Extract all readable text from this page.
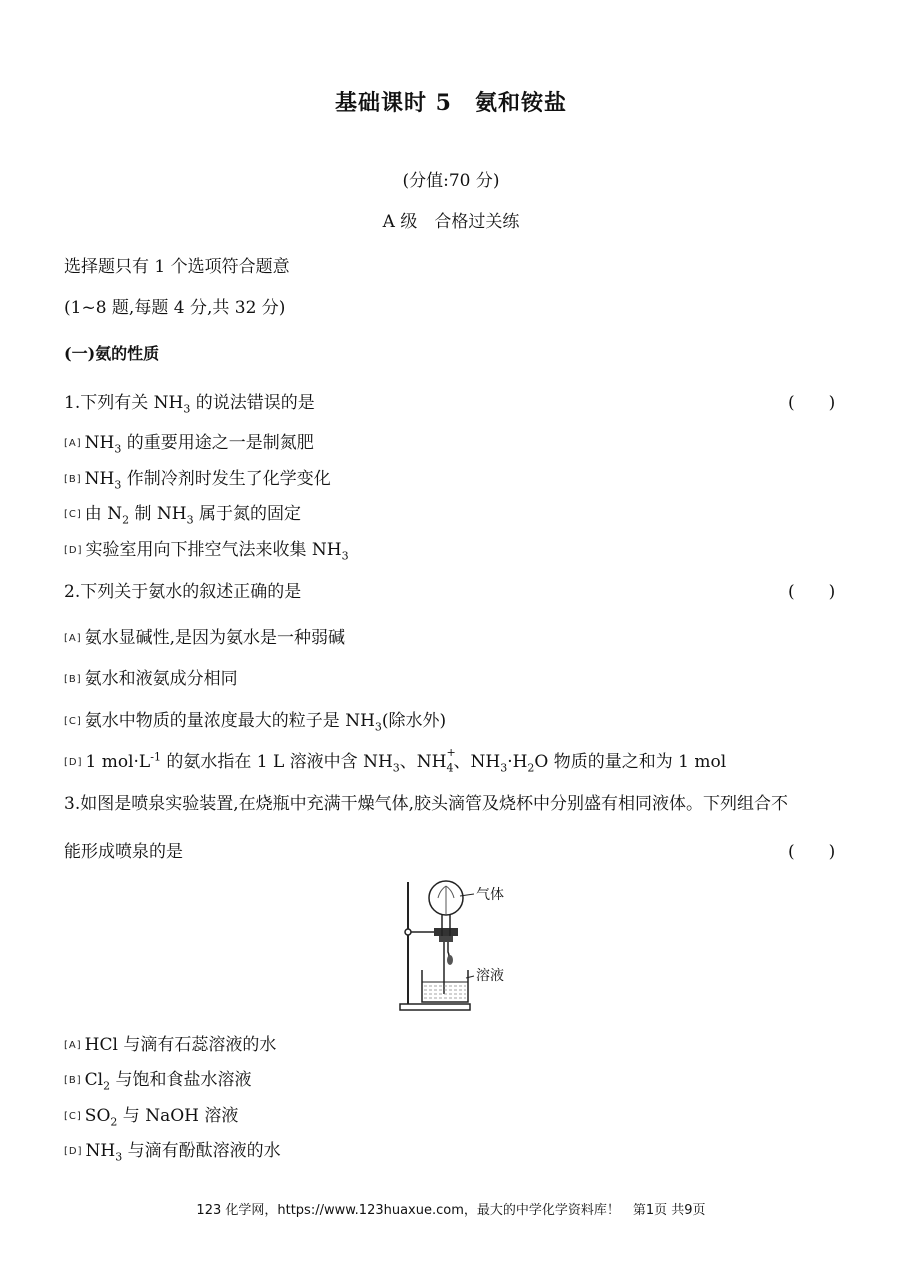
基础课时 5　氨和铵盐
(分值:70 分)
A 级　合格过关练
选择题只有 1 个选项符合题意
(1~8 题,每题 4 分,共 32 分)
(一)氨的性质
1.下列有关 $NH_3$ 的说法错误的是	(　　)
[A] $NH_3$ 的重要用途之一是制氮肥
[B] $NH_3$ 作制冷剂时发生了化学变化
[C] 由 $N_2$ 制 $NH_3$ 属于氮的固定
[D] 实验室用向下排空气法来收集 $NH_3$
2.下列关于氨水的叙述正确的是	(　　)
[A] 氨水显碱性,是因为氨水是一种弱碱
[B] 氨水和液氨成分相同
[C] 氨水中物质的量浓度最大的粒子是 $NH_3$(除水外)
[D] 1 $mol\cdot L^{-1}$ 的氨水指在 1 L 溶液中含 $NH_3$、$NH_4$
+
、$NH_3\cdot H_2O$ 物质的量之和为 1 mol
3.如图是喷泉实验装置,在烧瓶中充满干燥气体,胶头滴管及烧杯中分别盛有相同液体。下列组合不
能形成喷泉的是	(　　)
气体
溶液
[A] HCl 与滴有石蕊溶液的水
[B] $Cl_2$ 与饱和食盐水溶液
[C] $SO_2$ 与 NaOH 溶液
[D] $NH_3$ 与滴有酚酞溶液的水
123 化学网，https://www.123huaxue.com，最大的中学化学资料库！　第1页 共9页
